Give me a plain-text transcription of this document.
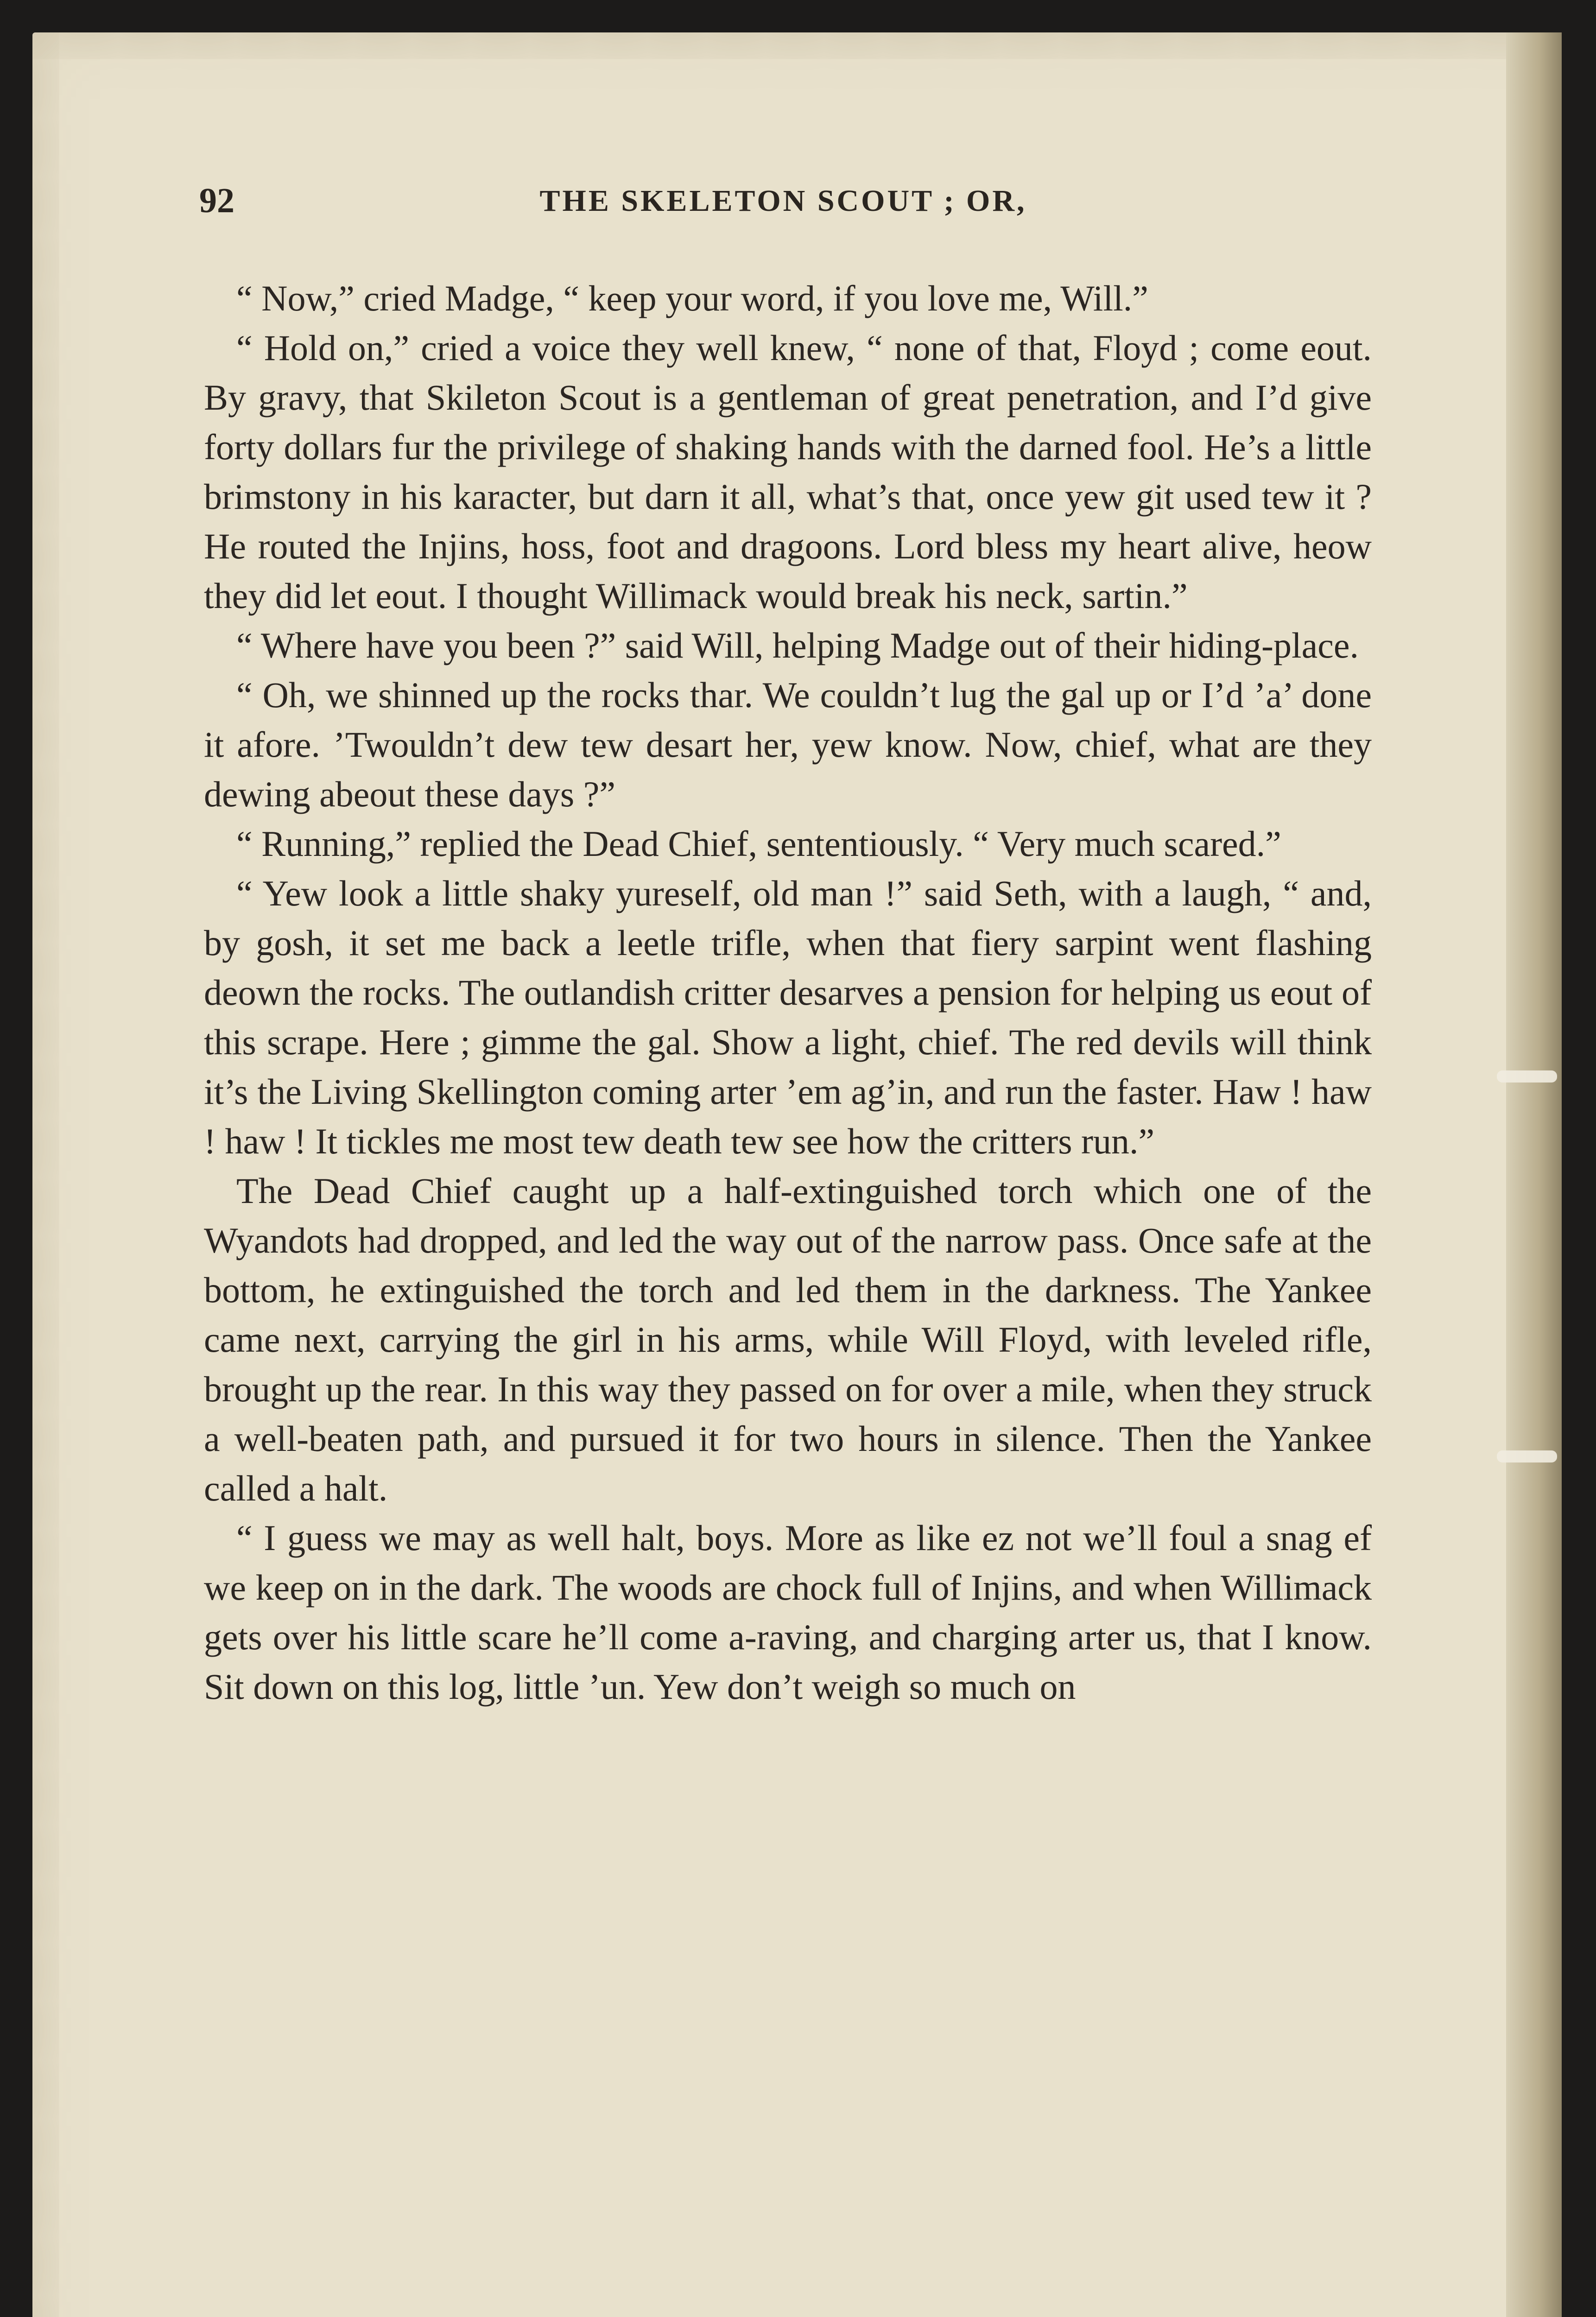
92	THE SKELETON SCOUT ; OR,

“ Now,” cried Madge, “ keep your word, if you love me, Will.”

“ Hold on,” cried a voice they well knew, “ none of that, Floyd ; come eout. By gravy, that Skileton Scout is a gentleman of great penetration, and I’d give forty dollars fur the privilege of shaking hands with the darned fool. He’s a little brimstony in his karacter, but darn it all, what’s that, once yew git used tew it ? He routed the Injins, hoss, foot and dragoons. Lord bless my heart alive, heow they did let eout. I thought Willimack would break his neck, sartin.”

“ Where have you been ?” said Will, helping Madge out of their hiding-place.

“ Oh, we shinned up the rocks thar. We couldn’t lug the gal up or I’d ’a’ done it afore. ’Twouldn’t dew tew desart her, yew know. Now, chief, what are they dewing abeout these days ?”

“ Running,” replied the Dead Chief, sententiously. “ Very much scared.”

“ Yew look a little shaky yureself, old man !” said Seth, with a laugh, “ and, by gosh, it set me back a leetle trifle, when that fiery sarpint went flashing deown the rocks. The outlandish critter desarves a pension for helping us eout of this scrape. Here ; gimme the gal. Show a light, chief. The red devils will think it’s the Living Skellington coming arter ’em ag’in, and run the faster. Haw ! haw ! haw ! It tickles me most tew death tew see how the critters run.”

The Dead Chief caught up a half-extinguished torch which one of the Wyandots had dropped, and led the way out of the narrow pass. Once safe at the bottom, he extinguished the torch and led them in the darkness. The Yankee came next, carrying the girl in his arms, while Will Floyd, with leveled rifle, brought up the rear. In this way they passed on for over a mile, when they struck a well-beaten path, and pursued it for two hours in silence. Then the Yankee called a halt.

“ I guess we may as well halt, boys. More as like ez not we’ll foul a snag ef we keep on in the dark. The woods are chock full of Injins, and when Willimack gets over his little scare he’ll come a-raving, and charging arter us, that I know. Sit down on this log, little ’un. Yew don’t weigh so much on
